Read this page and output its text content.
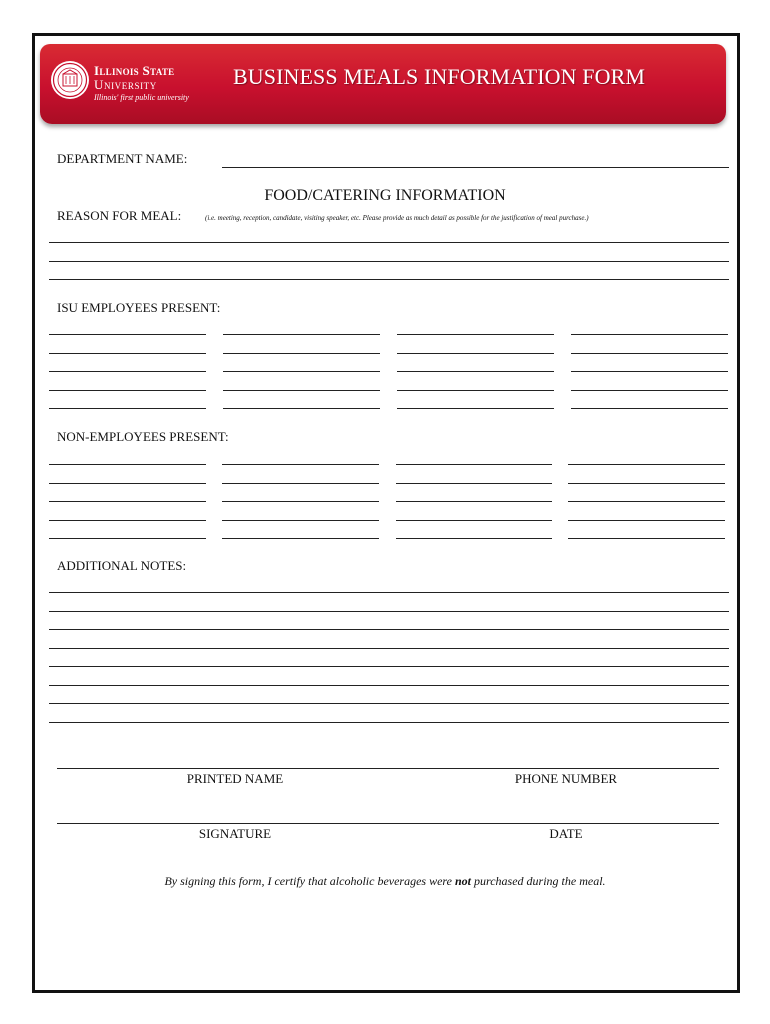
Illinois State
University
Illinois' first public university
BUSINESS MEALS INFORMATION FORM
DEPARTMENT NAME:
FOOD/CATERING INFORMATION
REASON FOR MEAL:	(i.e. meeting, reception, candidate, visiting speaker, etc. Please provide as much detail as possible for the justification of meal purchase.)
ISU EMPLOYEES PRESENT:
NON-EMPLOYEES PRESENT:
ADDITIONAL NOTES:
PRINTED NAME	PHONE NUMBER
SIGNATURE	DATE
By signing this form, I certify that alcoholic beverages were not purchased during the meal.
